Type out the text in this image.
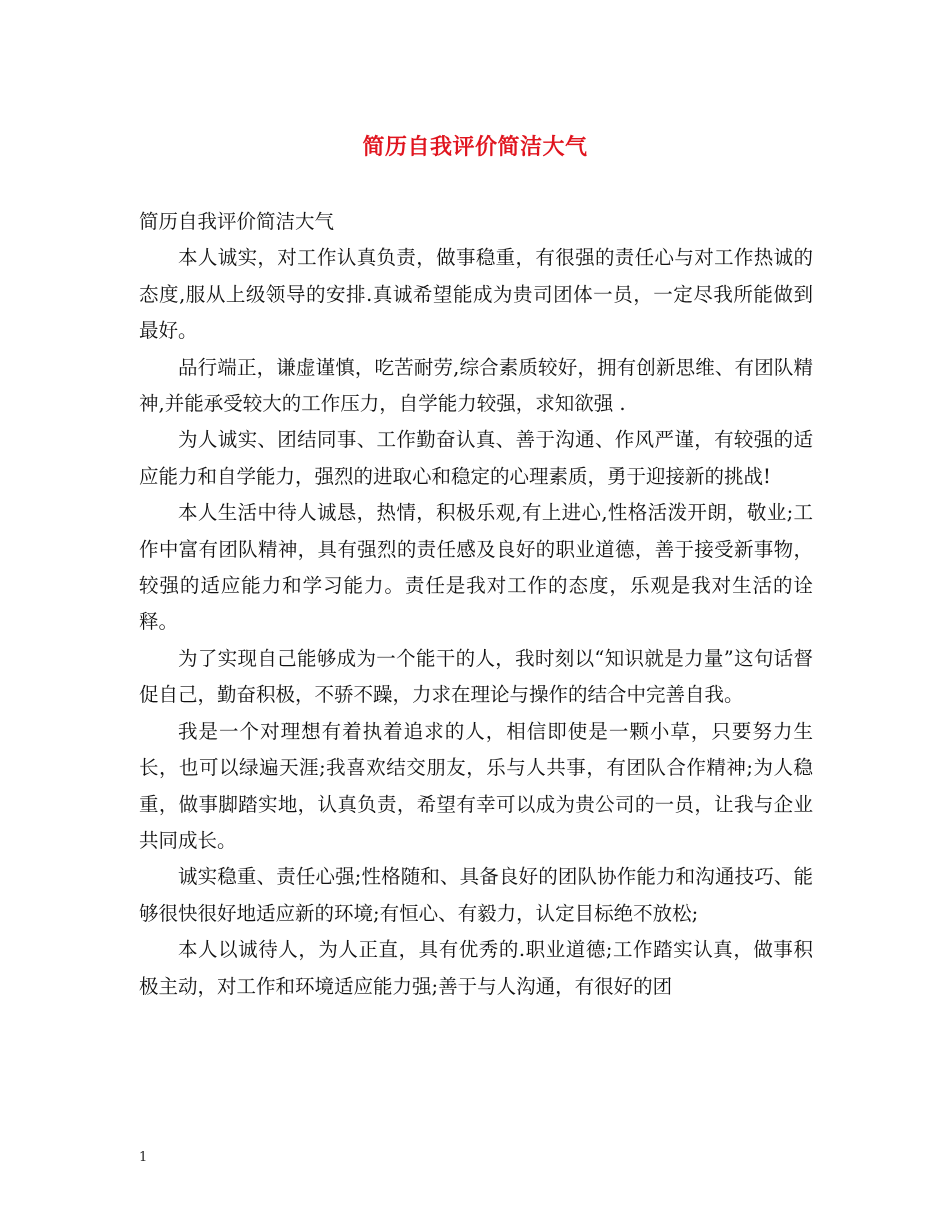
简历自我评价简洁大气

简历自我评价简洁大气

本人诚实，对工作认真负责，做事稳重，有很强的责任心与对工作热诚的态度,服从上级领导的安排.真诚希望能成为贵司团体一员，一定尽我所能做到最好。

品行端正，谦虚谨慎，吃苦耐劳,综合素质较好，拥有创新思维、有团队精神,并能承受较大的工作压力，自学能力较强，求知欲强 .

为人诚实、团结同事、工作勤奋认真、善于沟通、作风严谨，有较强的适应能力和自学能力，强烈的进取心和稳定的心理素质，勇于迎接新的挑战!

本人生活中待人诚恳，热情，积极乐观,有上进心,性格活泼开朗，敬业;工作中富有团队精神，具有强烈的责任感及良好的职业道德，善于接受新事物，较强的适应能力和学习能力。责任是我对工作的态度，乐观是我对生活的诠释。

为了实现自己能够成为一个能干的人，我时刻以“知识就是力量”这句话督促自己，勤奋积极，不骄不躁，力求在理论与操作的结合中完善自我。

我是一个对理想有着执着追求的人，相信即使是一颗小草，只要努力生长，也可以绿遍天涯;我喜欢结交朋友，乐与人共事，有团队合作精神;为人稳重，做事脚踏实地，认真负责，希望有幸可以成为贵公司的一员，让我与企业共同成长。

诚实稳重、责任心强;性格随和、具备良好的团队协作能力和沟通技巧、能够很快很好地适应新的环境;有恒心、有毅力，认定目标绝不放松;

本人以诚待人，为人正直，具有优秀的.职业道德;工作踏实认真，做事积极主动，对工作和环境适应能力强;善于与人沟通，有很好的团

1
